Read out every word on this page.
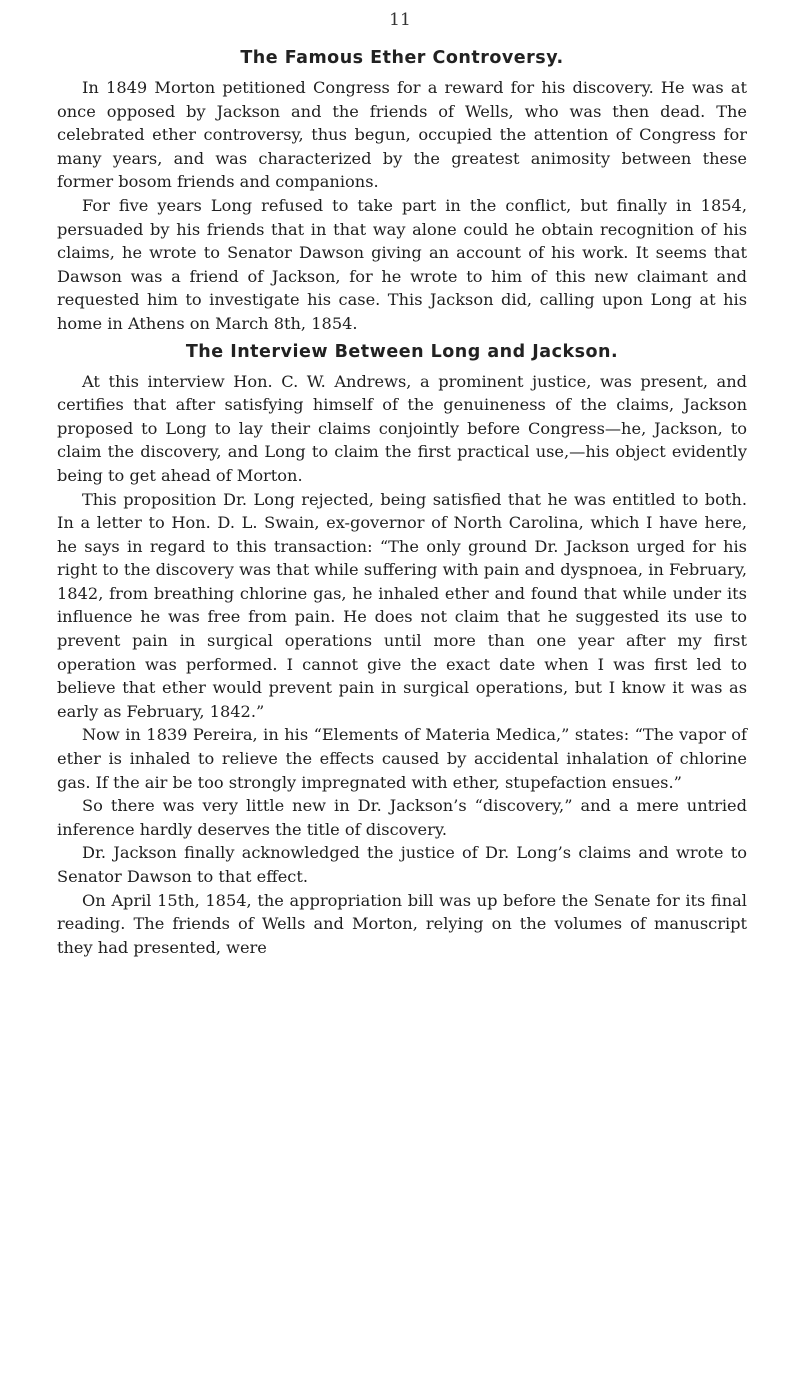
11
The Famous Ether Controversy.

In 1849 Morton petitioned Congress for a reward for his discovery. He was at once opposed by Jackson and the friends of Wells, who was then dead. The celebrated ether controversy, thus begun, occupied the attention of Congress for many years, and was characterized by the greatest animosity between these former bosom friends and companions.

For five years Long refused to take part in the conflict, but finally in 1854, persuaded by his friends that in that way alone could he obtain recognition of his claims, he wrote to Senator Dawson giving an account of his work. It seems that Dawson was a friend of Jackson, for he wrote to him of this new claimant and requested him to investigate his case. This Jackson did, calling upon Long at his home in Athens on March 8th, 1854.

The Interview Between Long and Jackson.

At this interview Hon. C. W. Andrews, a prominent justice, was present, and certifies that after satisfying himself of the genuineness of the claims, Jackson proposed to Long to lay their claims conjointly before Congress—he, Jackson, to claim the discovery, and Long to claim the first practical use,—his object evidently being to get ahead of Morton.

This proposition Dr. Long rejected, being satisfied that he was entitled to both. In a letter to Hon. D. L. Swain, ex-governor of North Carolina, which I have here, he says in regard to this transaction: “The only ground Dr. Jackson urged for his right to the discovery was that while suffering with pain and dyspnoea, in February, 1842, from breathing chlorine gas, he inhaled ether and found that while under its influence he was free from pain. He does not claim that he suggested its use to prevent pain in surgical operations until more than one year after my first operation was performed. I cannot give the exact date when I was first led to believe that ether would prevent pain in surgical operations, but I know it was as early as February, 1842.”

Now in 1839 Pereira, in his “Elements of Materia Medica,” states: “The vapor of ether is inhaled to relieve the effects caused by accidental inhalation of chlorine gas. If the air be too strongly impregnated with ether, stupefaction ensues.”

So there was very little new in Dr. Jackson’s “discovery,” and a mere untried inference hardly deserves the title of discovery.

Dr. Jackson finally acknowledged the justice of Dr. Long’s claims and wrote to Senator Dawson to that effect.

On April 15th, 1854, the appropriation bill was up before the Senate for its final reading. The friends of Wells and Morton, relying on the volumes of manuscript they had presented, were
